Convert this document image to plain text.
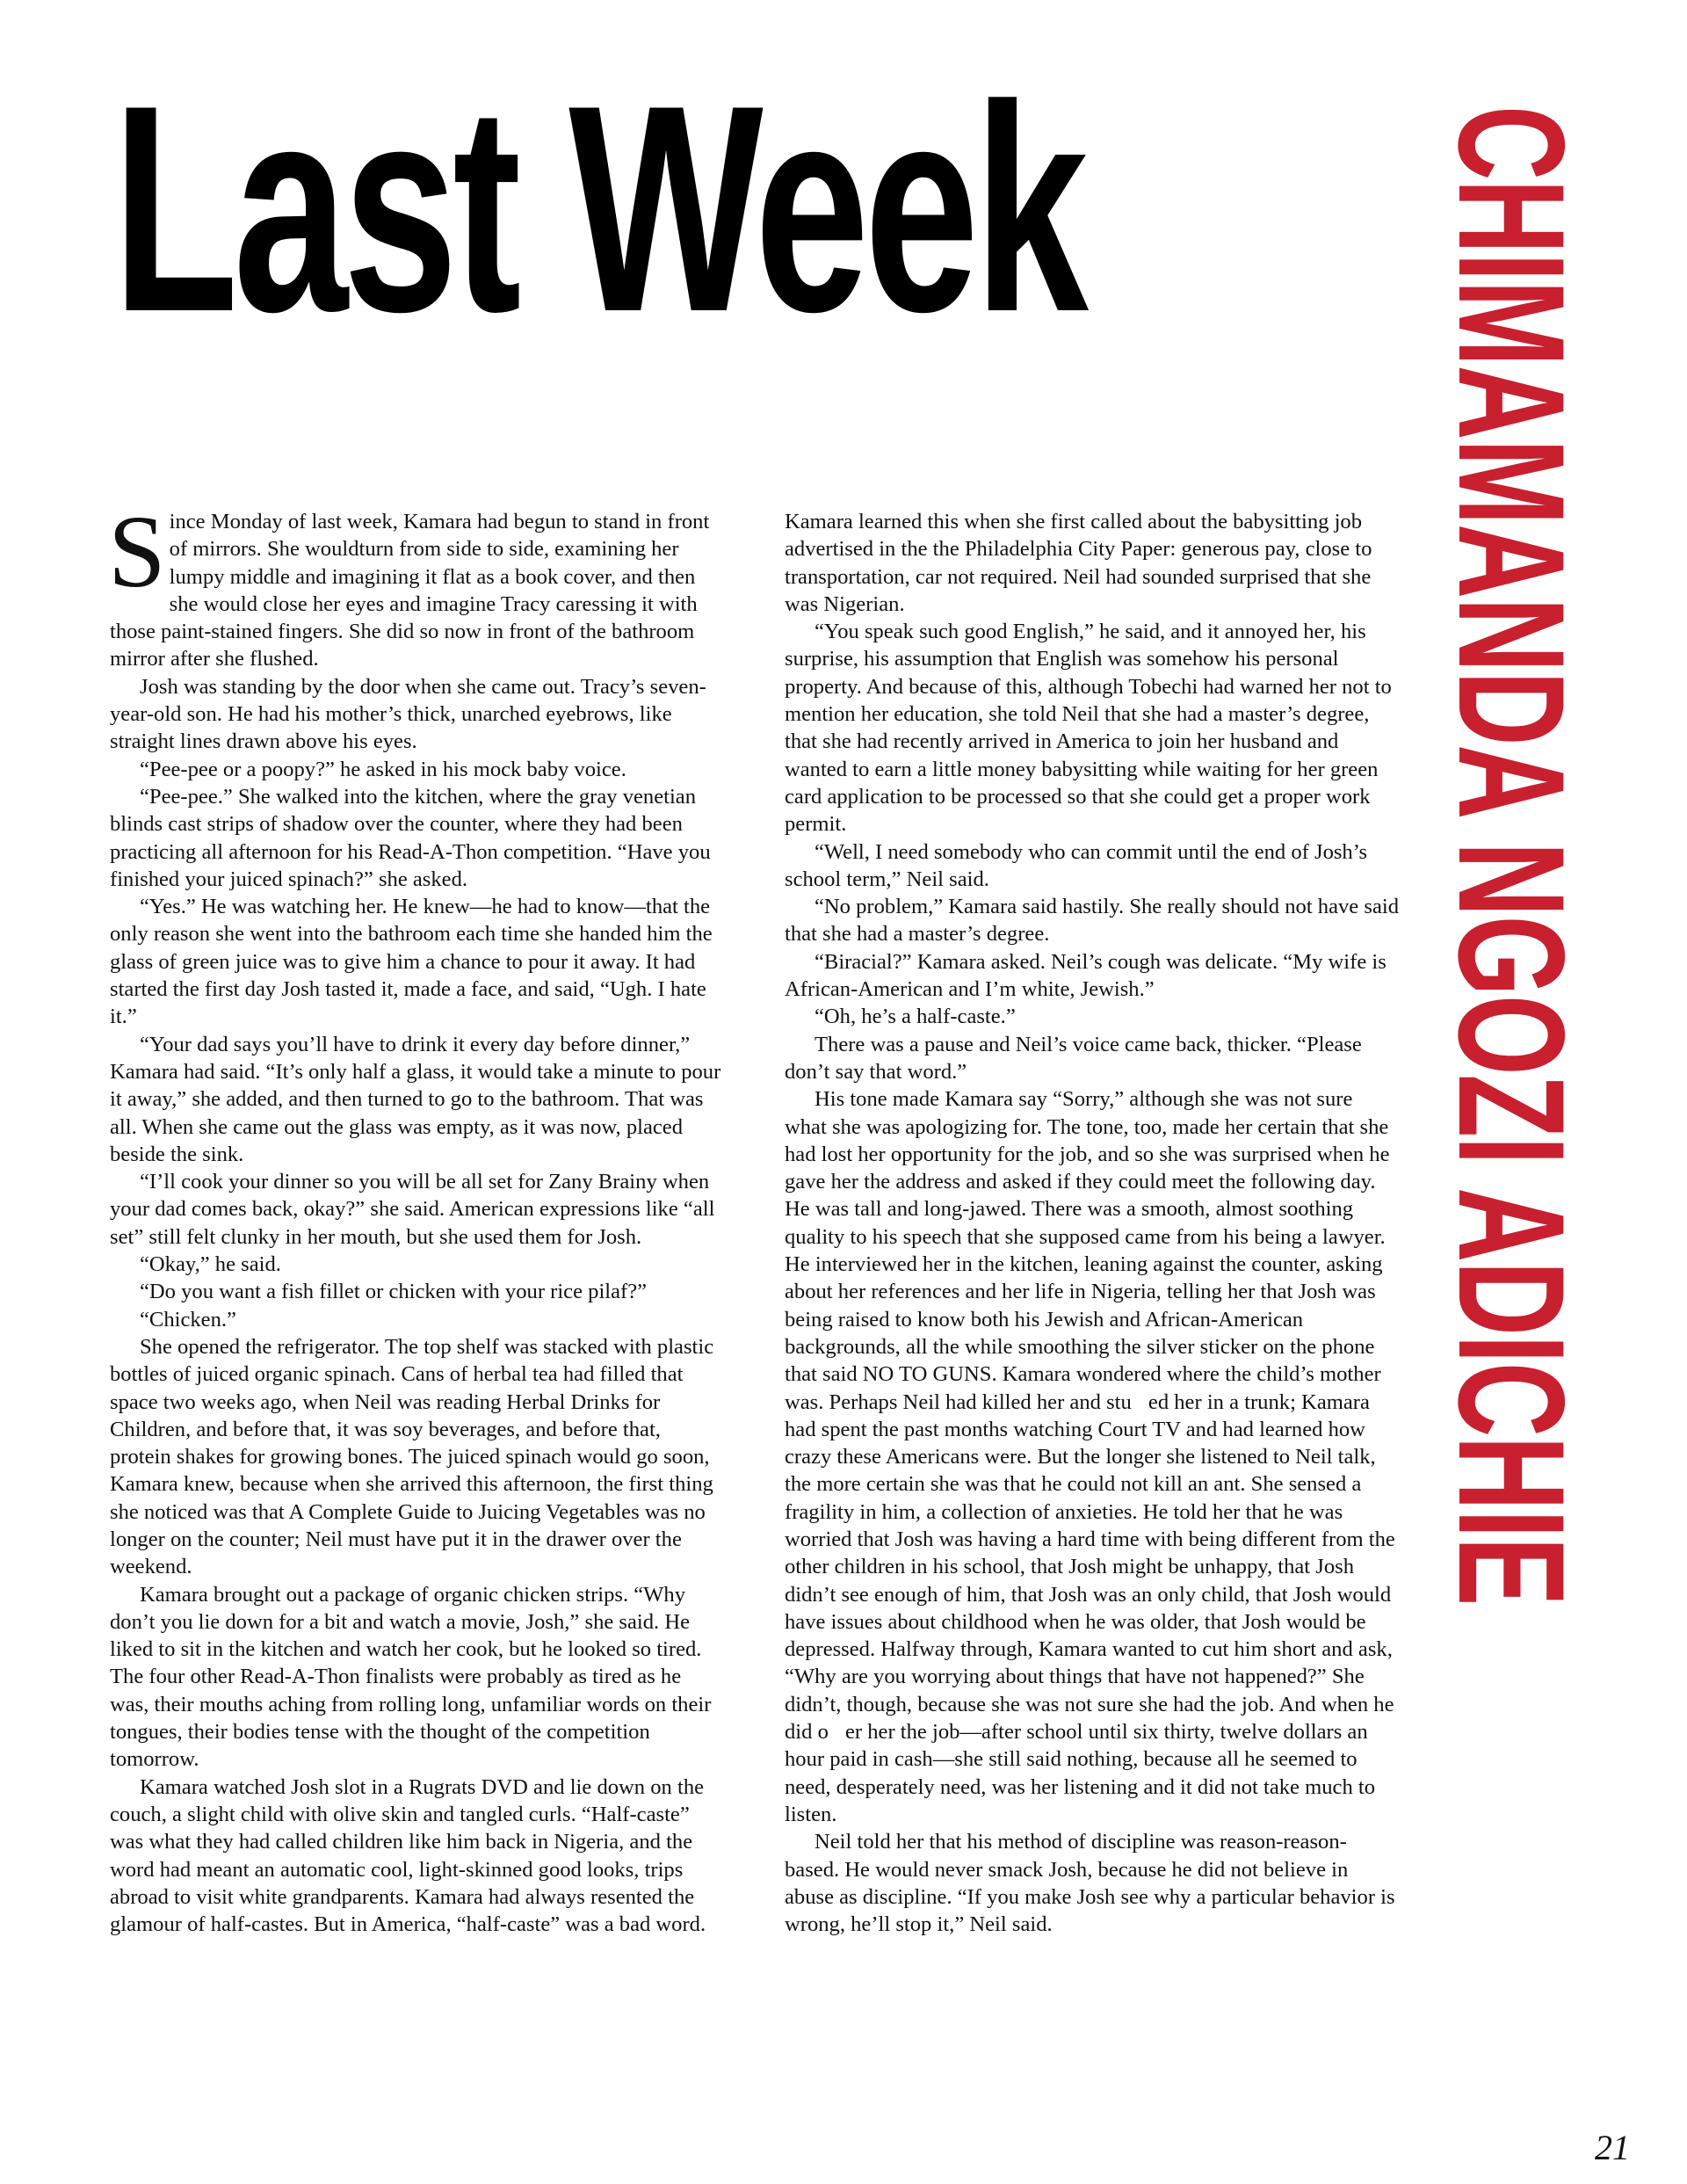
Last Week CHIMAMANDA NGOZI ADICHIE

Since Monday of last week, Kamara had begun to stand in front of mirrors. She wouldturn from side to side, examining her lumpy middle and imagining it flat as a book cover, and then she would close her eyes and imagine Tracy caressing it with those paint-stained fingers. She did so now in front of the bathroom mirror after she flushed.

Josh was standing by the door when she came out. Tracy’s seven-year-old son. He had his mother’s thick, unarched eyebrows, like straight lines drawn above his eyes.

“Pee-pee or a poopy?” he asked in his mock baby voice.

“Pee-pee.” She walked into the kitchen, where the gray venetian blinds cast strips of shadow over the counter, where they had been practicing all afternoon for his Read-A-Thon competition. “Have you finished your juiced spinach?” she asked.

“Yes.” He was watching her. He knew—he had to know—that the only reason she went into the bathroom each time she handed him the glass of green juice was to give him a chance to pour it away. It had started the first day Josh tasted it, made a face, and said, “Ugh. I hate it.”

“Your dad says you’ll have to drink it every day before dinner,” Kamara had said. “It’s only half a glass, it would take a minute to pour it away,” she added, and then turned to go to the bathroom. That was all. When she came out the glass was empty, as it was now, placed beside the sink.

“I’ll cook your dinner so you will be all set for Zany Brainy when your dad comes back, okay?” she said. American expressions like “all set” still felt clunky in her mouth, but she used them for Josh.

“Okay,” he said.

“Do you want a fish fillet or chicken with your rice pilaf?”

“Chicken.”

She opened the refrigerator. The top shelf was stacked with plastic bottles of juiced organic spinach. Cans of herbal tea had filled that space two weeks ago, when Neil was reading Herbal Drinks for Children, and before that, it was soy beverages, and before that, protein shakes for growing bones. The juiced spinach would go soon, Kamara knew, because when she arrived this afternoon, the first thing she noticed was that A Complete Guide to Juicing Vegetables was no longer on the counter; Neil must have put it in the drawer over the weekend.

Kamara brought out a package of organic chicken strips. “Why don’t you lie down for a bit and watch a movie, Josh,” she said. He liked to sit in the kitchen and watch her cook, but he looked so tired. The four other Read-A-Thon finalists were probably as tired as he was, their mouths aching from rolling long, unfamiliar words on their tongues, their bodies tense with the thought of the competition tomorrow.

Kamara watched Josh slot in a Rugrats DVD and lie down on the couch, a slight child with olive skin and tangled curls. “Half-caste” was what they had called children like him back in Nigeria, and the word had meant an automatic cool, light-skinned good looks, trips abroad to visit white grandparents. Kamara had always resented the glamour of half-castes. But in America, “half-caste” was a bad word.

Kamara learned this when she first called about the babysitting job advertised in the the Philadelphia City Paper: generous pay, close to transportation, car not required. Neil had sounded surprised that she was Nigerian.

“You speak such good English,” he said, and it annoyed her, his surprise, his assumption that English was somehow his personal property. And because of this, although Tobechi had warned her not to mention her education, she told Neil that she had a master’s degree, that she had recently arrived in America to join her husband and wanted to earn a little money babysitting while waiting for her green card application to be processed so that she could get a proper work permit.

“Well, I need somebody who can commit until the end of Josh’s school term,” Neil said.

“No problem,” Kamara said hastily. She really should not have said that she had a master’s degree.

“Biracial?” Kamara asked. Neil’s cough was delicate. “My wife is African-American and I’m white, Jewish.”

“Oh, he’s a half-caste.”

There was a pause and Neil’s voice came back, thicker. “Please don’t say that word.”

His tone made Kamara say “Sorry,” although she was not sure what she was apologizing for. The tone, too, made her certain that she had lost her opportunity for the job, and so she was surprised when he gave her the address and asked if they could meet the following day. He was tall and long-jawed. There was a smooth, almost soothing quality to his speech that she supposed came from his being a lawyer. He interviewed her in the kitchen, leaning against the counter, asking about her references and her life in Nigeria, telling her that Josh was being raised to know both his Jewish and African-American backgrounds, all the while smoothing the silver sticker on the phone that said NO TO GUNS. Kamara wondered where the child’s mother was. Perhaps Neil had killed her and stu ed her in a trunk; Kamara had spent the past months watching Court TV and had learned how crazy these Americans were. But the longer she listened to Neil talk, the more certain she was that he could not kill an ant. She sensed a fragility in him, a collection of anxieties. He told her that he was worried that Josh was having a hard time with being different from the other children in his school, that Josh might be unhappy, that Josh didn’t see enough of him, that Josh was an only child, that Josh would have issues about childhood when he was older, that Josh would be depressed. Halfway through, Kamara wanted to cut him short and ask, “Why are you worrying about things that have not happened?” She didn’t, though, because she was not sure she had the job. And when he did o er her the job—after school until six thirty, twelve dollars an hour paid in cash—she still said nothing, because all he seemed to need, desperately need, was her listening and it did not take much to listen.

Neil told her that his method of discipline was reason-reason-based. He would never smack Josh, because he did not believe in abuse as discipline. “If you make Josh see why a particular behavior is wrong, he’ll stop it,” Neil said.

21
